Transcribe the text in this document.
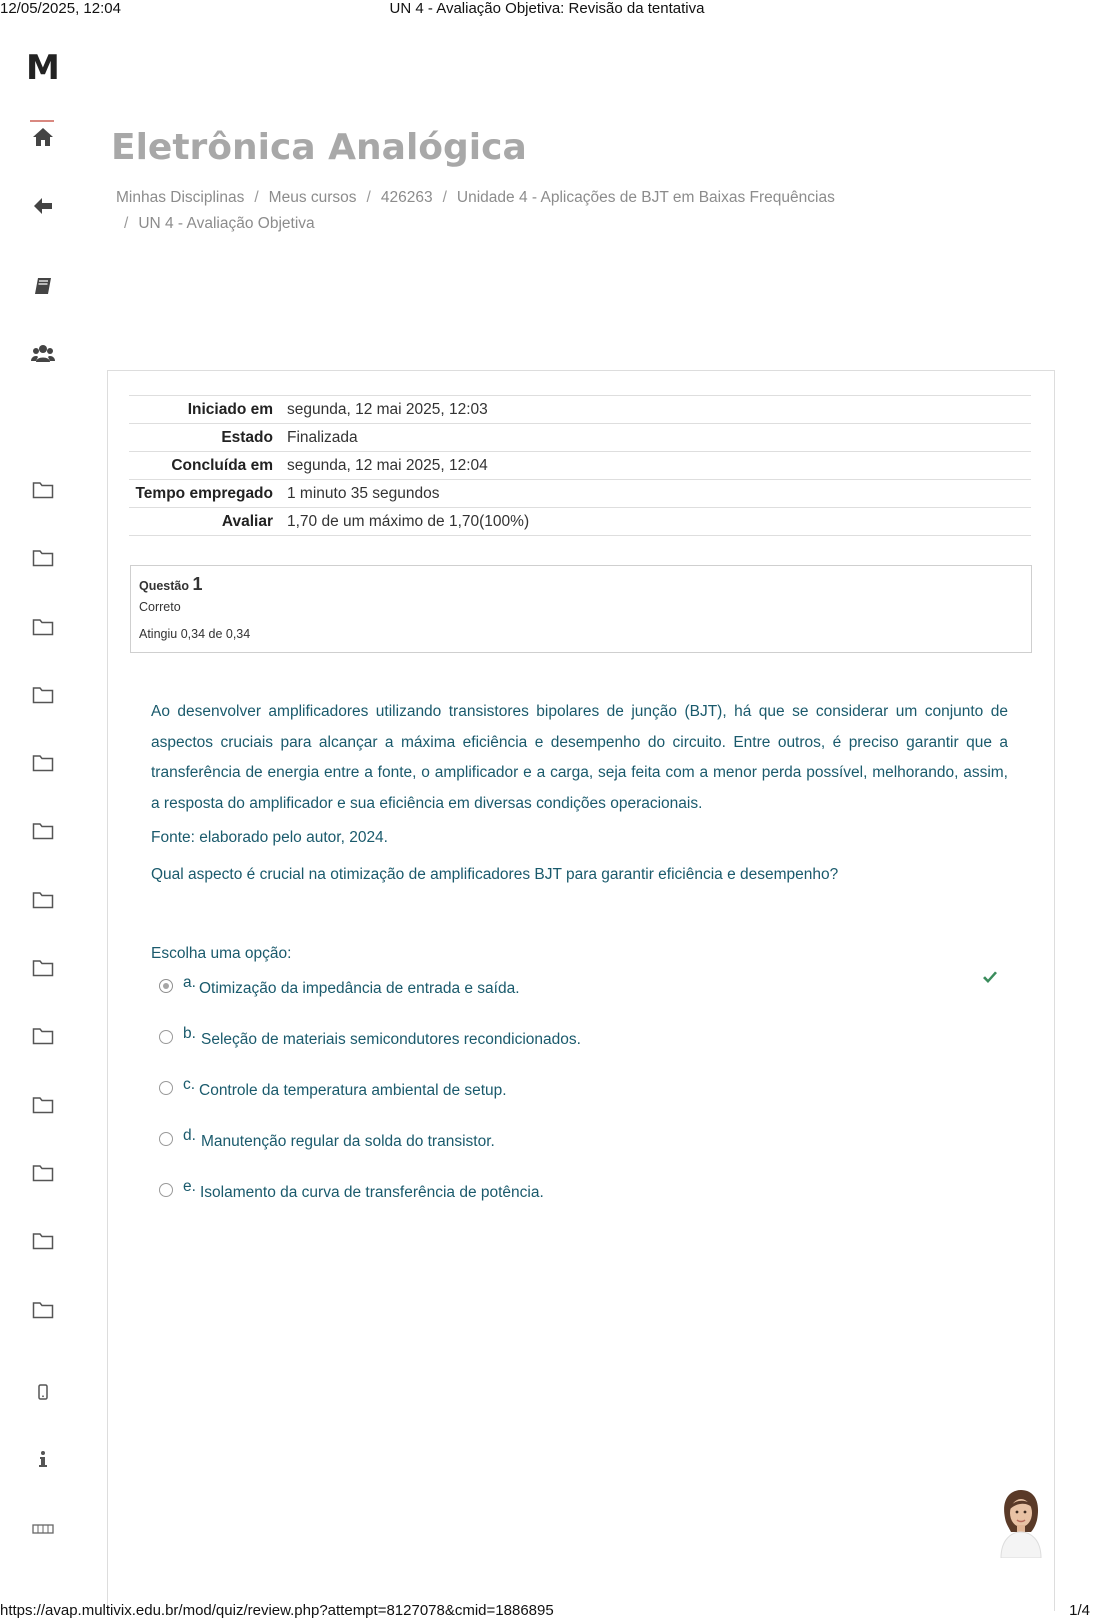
12/05/2025, 12:04	UN 4 - Avaliação Objetiva: Revisão da tentativa
M
Eletrônica Analógica
Minhas Disciplinas / Meus cursos / 426263 / Unidade 4 - Aplicações de BJT em Baixas Frequências
/ UN 4 - Avaliação Objetiva
Iniciado em	segunda, 12 mai 2025, 12:03
Estado	Finalizada
Concluída em	segunda, 12 mai 2025, 12:04
Tempo empregado	1 minuto 35 segundos
Avaliar	1,70 de um máximo de 1,70(100%)
Questão 1
Correto
Atingiu 0,34 de 0,34

Ao desenvolver amplificadores utilizando transistores bipolares de junção (BJT), há que se considerar um conjunto de aspectos cruciais para alcançar a máxima eficiência e desempenho do circuito. Entre outros, é preciso garantir que a transferência de energia entre a fonte, o amplificador e a carga, seja feita com a menor perda possível, melhorando, assim, a resposta do amplificador e sua eficiência em diversas condições operacionais.

Fonte: elaborado pelo autor, 2024.

Qual aspecto é crucial na otimização de amplificadores BJT para garantir eficiência e desempenho?

Escolha uma opção:
a. Otimização da impedância de entrada e saída.
b. Seleção de materiais semicondutores recondicionados.
c. Controle da temperatura ambiental de setup.
d. Manutenção regular da solda do transistor.
e. Isolamento da curva de transferência de potência.
https://avap.multivix.edu.br/mod/quiz/review.php?attempt=8127078&cmid=1886895	1/4
